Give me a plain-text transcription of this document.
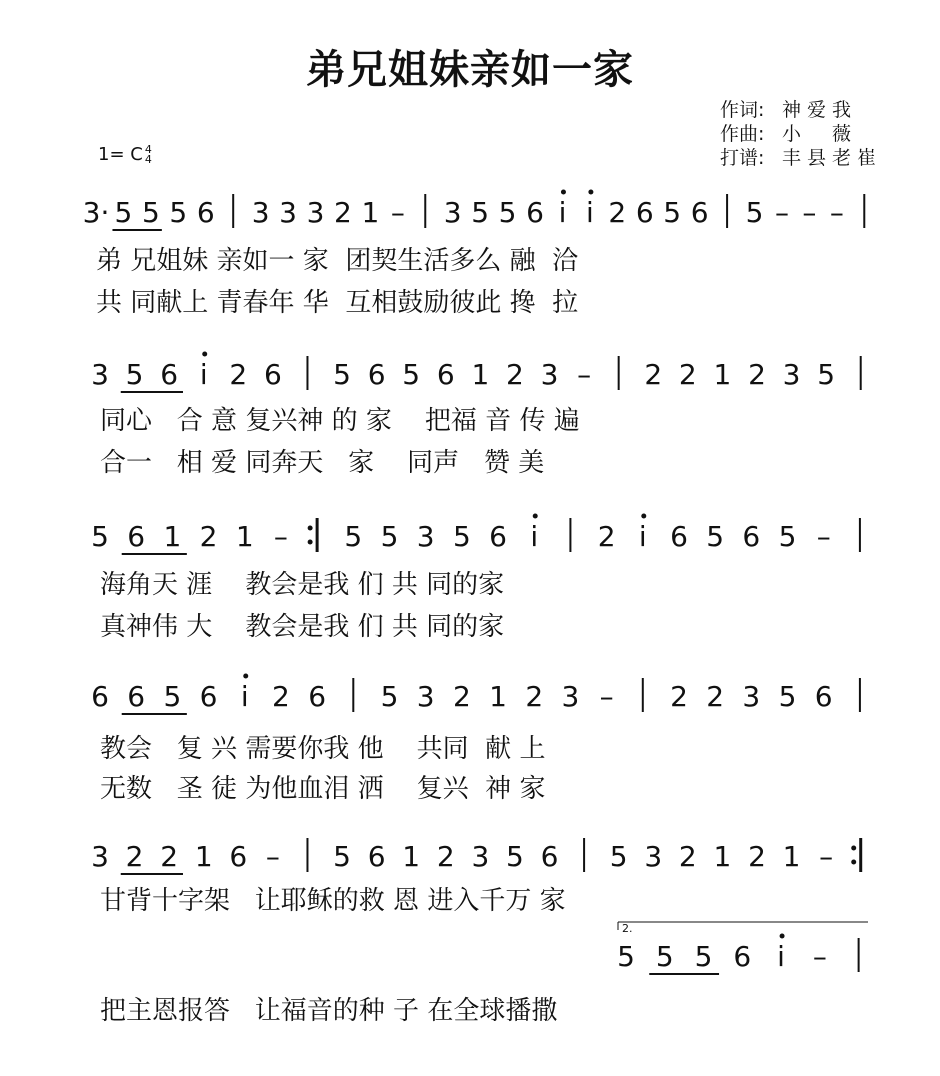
弟兄姐妹亲如一家
作词: 神爱我
作曲: 小　薇
打谱: 丰县老崔
1= C 4
4
3· 5 5 5 6 3 3 3 2 1 – 3 5 5 6 i i 2 6 5 6 5 – – –
3 5 6 i 2 6 5 6 5 6 1 2 3 – 2 2 1 2 3 5
5 6 1 2 1 – 5 5 3 5 6 i 2 i 6 5 6 5 –
6 6 5 6 i 2 6 5 3 2 1 2 3 – 2 2 3 5 6
3 2 2 1 6 – 5 6 1 2 3 5 6 5 3 2 1 2 1 –
5 5 5 6 i –
2.
弟 兄姐妹 亲如一 家  团契生活多么 融  洽
共 同献上 青春年 华  互相鼓励彼此 搀  拉
同心   合 意 复兴神 的 家    把福 音 传 遍
合一   相 爱 同奔天   家    同声   赞 美
海角天 涯    教会是我 们 共 同的家
真神伟 大    教会是我 们 共 同的家
教会   复 兴 需要你我 他    共同  献 上
无数   圣 徒 为他血泪 洒    复兴  神 家
甘背十字架   让耶稣的救 恩 进入千万 家
把主恩报答   让福音的种 子 在全球播撒
